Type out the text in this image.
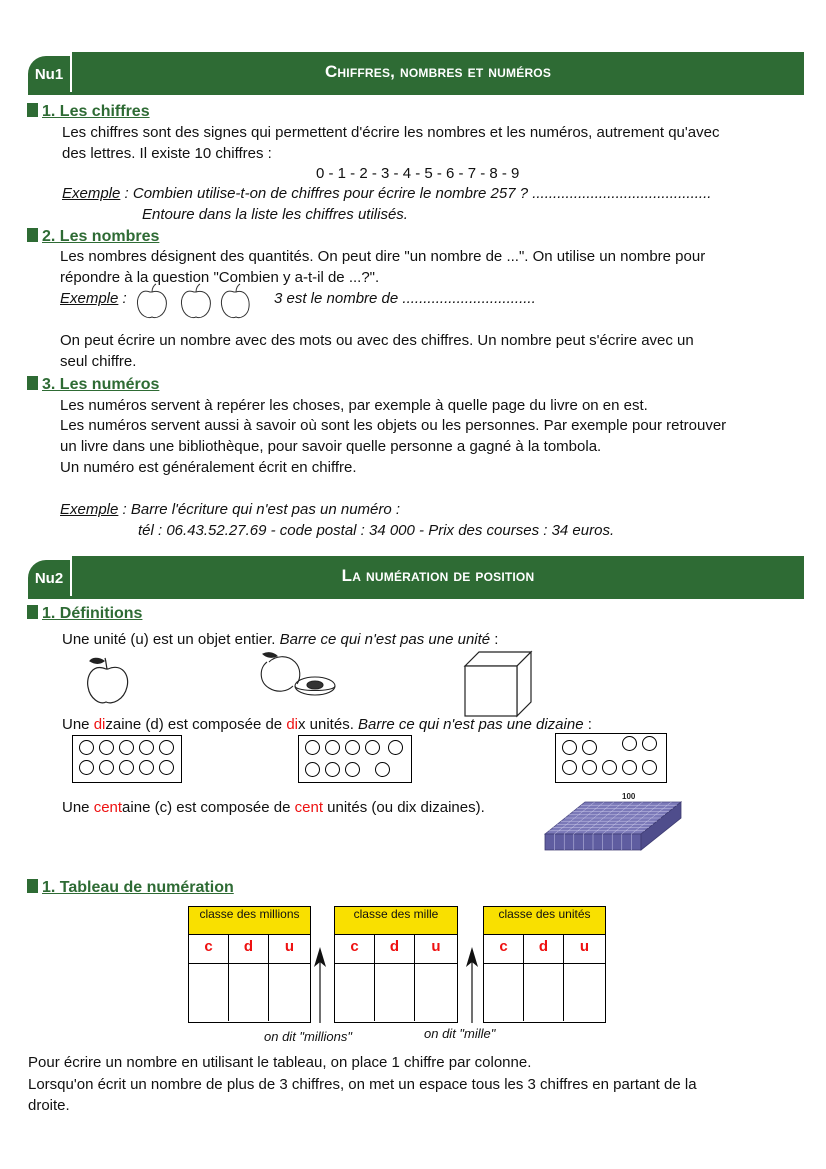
Nu1	Chiffres, nombres et numéros
1. Les chiffres
Les chiffres sont des signes qui permettent d'écrire les nombres et les numéros, autrement qu'avec
des lettres. Il existe 10 chiffres :
0 - 1 - 2 - 3 - 4 - 5 - 6 - 7 - 8 - 9
Exemple : Combien utilise-t-on de chiffres pour écrire le nombre 257 ? ...........................................
Entoure dans la liste les chiffres utilisés.
2. Les nombres
Les nombres désignent des quantités. On peut dire "un nombre de ...". On utilise un nombre pour
répondre à la question "Combien y a-t-il de ...?".
Exemple :	3 est le nombre de ................................
On peut écrire un nombre avec des mots ou avec des chiffres. Un nombre peut s'écrire avec un
seul chiffre.
3. Les numéros
Les numéros servent à repérer les choses, par exemple à quelle page du livre on en est.
Les numéros servent aussi à savoir où sont les objets ou les personnes. Par exemple pour retrouver
un livre dans une bibliothèque, pour savoir quelle personne a gagné à la tombola.
Un numéro est généralement écrit en chiffre.
Exemple : Barre l'écriture qui n'est pas un numéro :
tél : 06.43.52.27.69 - code postal : 34 000 - Prix des courses : 34 euros.
Nu2	La numération de position
1. Définitions
Une unité (u) est un objet entier. Barre ce qui n'est pas une unité :
Une dizaine (d) est composée de dix unités. Barre ce qui n'est pas une dizaine :
Une centaine (c) est composée de cent unités (ou dix dizaines).
100
1. Tableau de numération
classe des millions
c	d	u
classe des mille
c	d	u
classe des unités
c	d	u
on dit "millions"	on dit "mille"
Pour écrire un nombre en utilisant le tableau, on place 1 chiffre par colonne.
Lorsqu'on écrit un nombre de plus de 3 chiffres, on met un espace tous les 3 chiffres en partant de la
droite.
